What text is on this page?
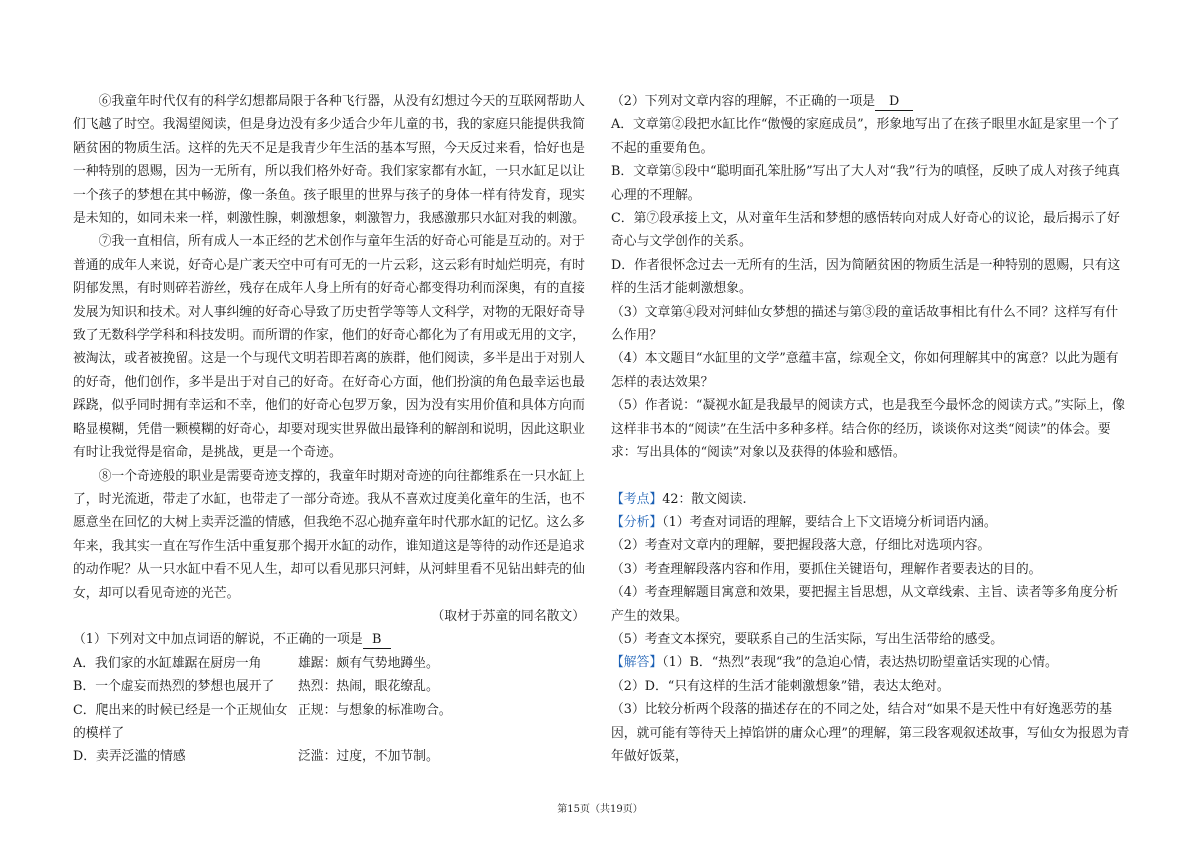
⑥我童年时代仅有的科学幻想都局限于各种飞行器，从没有幻想过今天的互联网帮助人们飞越了时空。我渴望阅读，但是身边没有多少适合少年儿童的书，我的家庭只能提供我简陋贫困的物质生活。这样的先天不足是我青少年生活的基本写照，今天反过来看，恰好也是一种特别的恩赐，因为一无所有，所以我们格外好奇。我们家家都有水缸，一只水缸足以让一个孩子的梦想在其中畅游，像一条鱼。孩子眼里的世界与孩子的身体一样有待发育，现实是未知的，如同未来一样，刺激性腺，刺激想象，刺激智力，我感激那只水缸对我的刺激。

⑦我一直相信，所有成人一本正经的艺术创作与童年生活的好奇心可能是互动的。对于普通的成年人来说，好奇心是广袤天空中可有可无的一片云彩，这云彩有时灿烂明亮，有时阴郁发黑，有时则碎若游丝，残存在成年人身上所有的好奇心都变得功利而深奥，有的直接发展为知识和技术。对人事纠缠的好奇心导致了历史哲学等等人文科学，对物的无限好奇导致了无数科学学科和科技发明。而所谓的作家，他们的好奇心都化为了有用或无用的文字，被淘汰，或者被挽留。这是一个与现代文明若即若离的族群，他们阅读，多半是出于对别人的好奇，他们创作，多半是出于对自己的好奇。在好奇心方面，他们扮演的角色最幸运也最踩跷，似乎同时拥有幸运和不幸，他们的好奇心包罗万象，因为没有实用价值和具体方向而略显模糊，凭借一颗模糊的好奇心，却要对现实世界做出最锋利的解剖和说明，因此这职业有时让我觉得是宿命，是挑战，更是一个奇迹。

⑧一个奇迹般的职业是需要奇迹支撑的，我童年时期对奇迹的向往都维系在一只水缸上了，时光流逝，带走了水缸，也带走了一部分奇迹。我从不喜欢过度美化童年的生活，也不愿意坐在回忆的大树上卖弄泛滥的情感，但我绝不忍心抛弃童年时代那水缸的记忆。这么多年来，我其实一直在写作生活中重复那个揭开水缸的动作，谁知道这是等待的动作还是追求的动作呢？从一只水缸中看不见人生，却可以看见那只河蚌，从河蚌里看不见钻出蚌壳的仙女，却可以看见奇迹的光芒。

（取材于苏童的同名散文）

（1）下列对文中加点词语的解说，不正确的一项是 B

A．我们家的水缸雄踞在厨房一角	雄踞：颇有气势地蹲坐。
B．一个虚妄而热烈的梦想也展开了	热烈：热闹，眼花缭乱。
C．爬出来的时候已经是一个正规仙女的模样了
正规：与想象的标准吻合。
D．卖弄泛滥的情感	泛滥：过度，不加节制。

（2）下列对文章内容的理解，不正确的一项是 D

A．文章第②段把水缸比作“傲慢的家庭成员”，形象地写出了在孩子眼里水缸是家里一个了不起的重要角色。

B．文章第⑤段中“聪明面孔笨肚肠”写出了大人对“我”行为的嗔怪，反映了成人对孩子纯真心理的不理解。

C．第⑦段承接上文，从对童年生活和梦想的感悟转向对成人好奇心的议论，最后揭示了好奇心与文学创作的关系。

D．作者很怀念过去一无所有的生活，因为简陋贫困的物质生活是一种特别的恩赐，只有这样的生活才能刺激想象。

（3）文章第④段对河蚌仙女梦想的描述与第③段的童话故事相比有什么不同？这样写有什么作用？

（4）本文题目“水缸里的文学”意蕴丰富，综观全文，你如何理解其中的寓意？以此为题有怎样的表达效果？

（5）作者说：“凝视水缸是我最早的阅读方式，也是我至今最怀念的阅读方式。”实际上，像这样非书本的“阅读”在生活中多种多样。结合你的经历，谈谈你对这类“阅读”的体会。要求：写出具体的“阅读”对象以及获得的体验和感悟。

【考点】42：散文阅读.

【分析】（1）考查对词语的理解，要结合上下文语境分析词语内涵。

（2）考查对文章内的理解，要把握段落大意，仔细比对选项内容。

（3）考查理解段落内容和作用，要抓住关键语句，理解作者要表达的目的。

（4）考查理解题目寓意和效果，要把握主旨思想，从文章线索、主旨、读者等多角度分析产生的效果。

（5）考查文本探究，要联系自己的生活实际，写出生活带给的感受。

【解答】（1）B．“热烈”表现“我”的急迫心情，表达热切盼望童话实现的心情。

（2）D．“只有这样的生活才能刺激想象”错，表达太绝对。

（3）比较分析两个段落的描述存在的不同之处，结合对“如果不是天性中有好逸恶劳的基因，就可能有等待天上掉馅饼的庸众心理”的理解，第三段客观叙述故事，写仙女为报恩为青年做好饭菜，

第15页（共19页）
